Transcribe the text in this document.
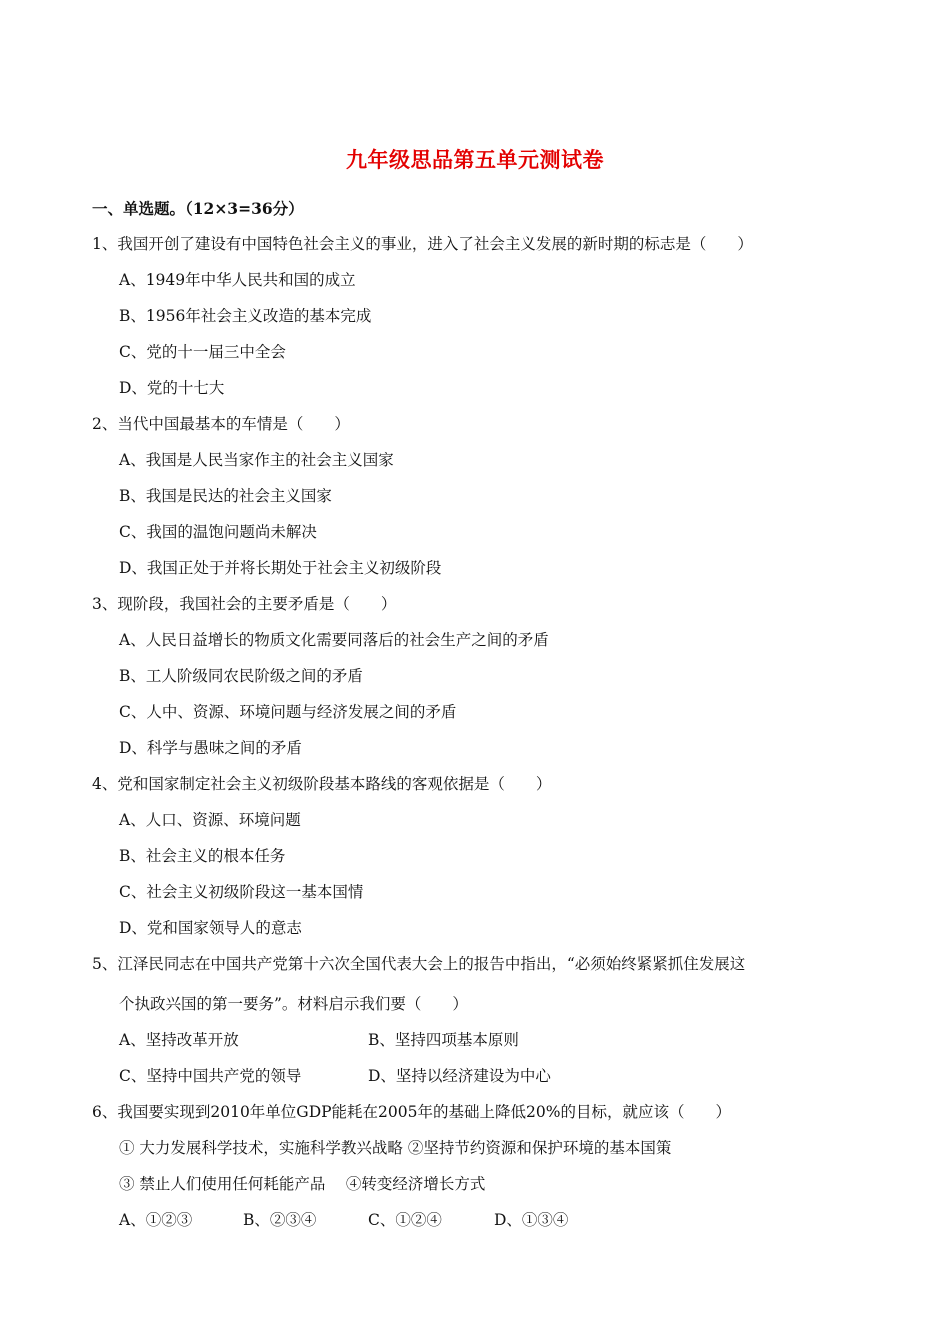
九年级思品第五单元测试卷
一、单选题。（12×3=36分）
1、我国开创了建设有中国特色社会主义的事业，进入了社会主义发展的新时期的标志是（　　）
A、1949年中华人民共和国的成立
B、1956年社会主义改造的基本完成
C、党的十一届三中全会
D、党的十七大
2、当代中国最基本的车情是（　　）
A、我国是人民当家作主的社会主义国家
B、我国是民达的社会主义国家
C、我国的温饱问题尚未解决
D、我国正处于并将长期处于社会主义初级阶段
3、现阶段，我国社会的主要矛盾是（　　）
A、人民日益增长的物质文化需要同落后的社会生产之间的矛盾
B、工人阶级同农民阶级之间的矛盾
C、人中、资源、环境问题与经济发展之间的矛盾
D、科学与愚味之间的矛盾
4、党和国家制定社会主义初级阶段基本路线的客观依据是（　　）
A、人口、资源、环境问题
B、社会主义的根本任务
C、社会主义初级阶段这一基本国情
D、党和国家领导人的意志
5、江泽民同志在中国共产党第十六次全国代表大会上的报告中指出，“必须始终紧紧抓住发展这
个执政兴国的第一要务”。材料启示我们要（　　）
A、坚持改革开放	B、坚持四项基本原则
C、坚持中国共产党的领导	D、坚持以经济建设为中心
6、我国要实现到2010年单位GDP能耗在2005年的基础上降低20%的目标，就应该（　　）
① 大力发展科学技术，实施科学教兴战略 ②坚持节约资源和保护环境的基本国策
③ 禁止人们使用任何耗能产品　 ④转变经济增长方式
A、①②③	B、②③④	C、①②④	D、①③④
